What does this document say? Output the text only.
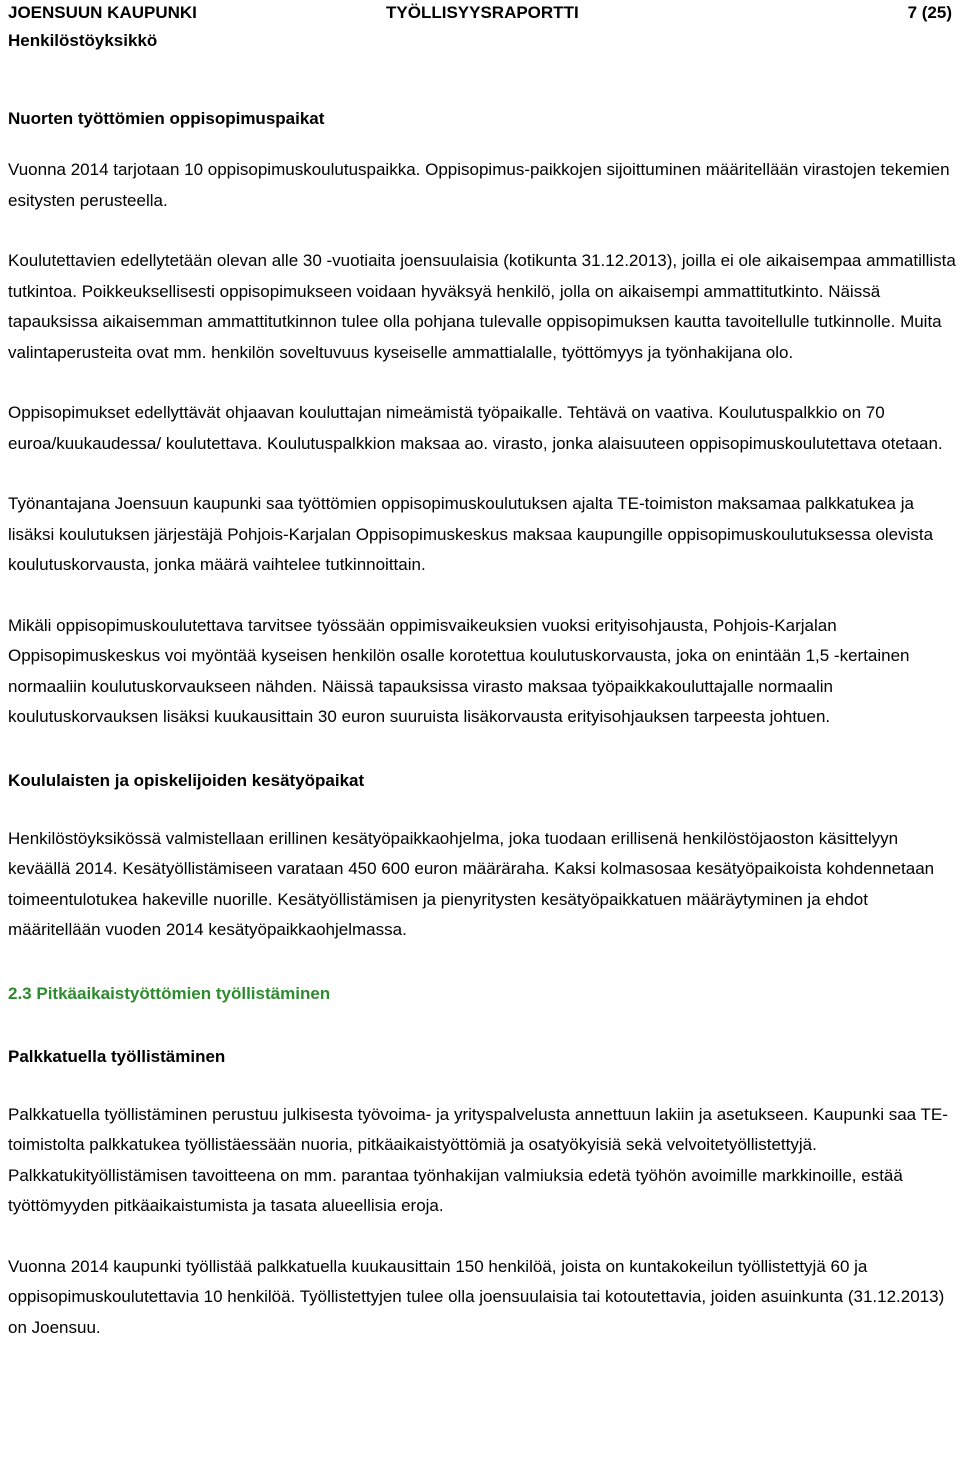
JOENSUUN KAUPUNKI	TYÖLLISYYSRAPORTTI	7 (25)
Henkilöstöyksikkö
Nuorten työttömien oppisopimuspaikat

Vuonna 2014 tarjotaan 10 oppisopimuskoulutuspaikka. Oppisopimus-paikkojen sijoittuminen määritellään virastojen tekemien esitysten perusteella.

Koulutettavien edellytetään olevan alle 30 -vuotiaita joensuulaisia (kotikunta 31.12.2013), joilla ei ole aikaisempaa ammatillista tutkintoa. Poikkeuksellisesti oppisopimukseen voidaan hyväksyä henkilö, jolla on aikaisempi ammattitutkinto. Näissä tapauksissa aikaisemman ammattitutkinnon tulee olla pohjana tulevalle oppisopimuksen kautta tavoitellulle tutkinnolle. Muita valintaperusteita ovat mm. henkilön soveltuvuus kyseiselle ammattialalle, työttömyys ja työnhakijana olo.

Oppisopimukset edellyttävät ohjaavan kouluttajan nimeämistä työpaikalle. Tehtävä on vaativa. Koulutuspalkkio on 70 euroa/kuukaudessa/ koulutettava. Koulutuspalkkion maksaa ao. virasto, jonka alaisuuteen oppisopimuskoulutettava otetaan.

Työnantajana Joensuun kaupunki saa työttömien oppisopimuskoulutuksen ajalta TE-toimiston maksamaa palkkatukea ja lisäksi koulutuksen järjestäjä Pohjois-Karjalan Oppisopimuskeskus maksaa kaupungille oppisopimuskoulutuksessa olevista koulutuskorvausta, jonka määrä vaihtelee tutkinnoittain.

Mikäli oppisopimuskoulutettava tarvitsee työssään oppimisvaikeuksien vuoksi erityisohjausta, Pohjois-Karjalan Oppisopimuskeskus voi myöntää kyseisen henkilön osalle korotettua koulutuskorvausta, joka on enintään 1,5 -kertainen normaaliin koulutuskorvaukseen nähden. Näissä tapauksissa virasto maksaa työpaikkakouluttajalle normaalin koulutuskorvauksen lisäksi kuukausittain 30 euron suuruista lisäkorvausta erityisohjauksen tarpeesta johtuen.

Koululaisten ja opiskelijoiden kesätyöpaikat

Henkilöstöyksikössä valmistellaan erillinen kesätyöpaikkaohjelma, joka tuodaan erillisenä henkilöstöjaoston käsittelyyn keväällä 2014. Kesätyöllistämiseen varataan 450 600 euron määräraha. Kaksi kolmasosaa kesätyöpaikoista kohdennetaan toimeentulotukea hakeville nuorille. Kesätyöllistämisen ja pienyritysten kesätyöpaikkatuen määräytyminen ja ehdot määritellään vuoden 2014 kesätyöpaikkaohjelmassa.

2.3 Pitkäaikaistyöttömien työllistäminen
Palkkatuella työllistäminen

Palkkatuella työllistäminen perustuu julkisesta työvoima- ja yrityspalvelusta annettuun lakiin ja asetukseen. Kaupunki saa TE-toimistolta palkkatukea työllistäessään nuoria, pitkäaikaistyöttömiä ja osatyökyisiä sekä velvoitetyöllistettyjä. Palkkatukityöllistämisen tavoitteena on mm. parantaa työnhakijan valmiuksia edetä työhön avoimille markkinoille, estää työttömyyden pitkäaikaistumista ja tasata alueellisia eroja.

Vuonna 2014 kaupunki työllistää palkkatuella kuukausittain 150 henkilöä, joista on kuntakokeilun työllistettyjä 60 ja oppisopimuskoulutettavia 10 henkilöä. Työllistettyjen tulee olla joensuulaisia tai kotoutettavia, joiden asuinkunta (31.12.2013) on Joensuu.
